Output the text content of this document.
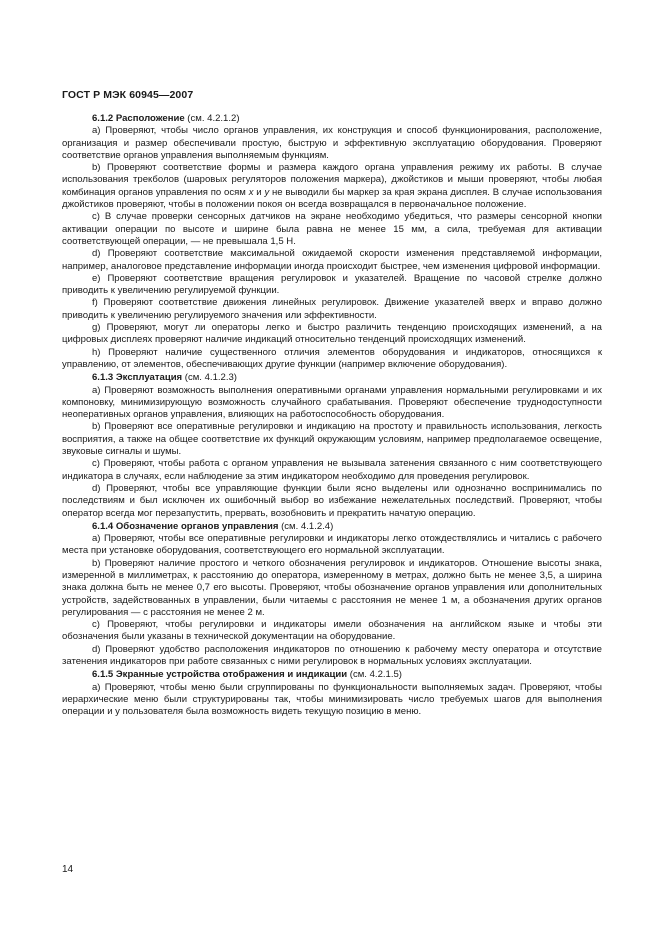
ГОСТ Р МЭК 60945—2007

6.1.2 Расположение (см. 4.2.1.2)

a) Проверяют, чтобы число органов управления, их конструкция и способ функционирования, расположение, организация и размер обеспечивали простую, быструю и эффективную эксплуатацию оборудования. Проверяют соответствие органов управления выполняемым функциям.

b) Проверяют соответствие формы и размера каждого органа управления режиму их работы. В случае использования трекболов (шаровых регуляторов положения маркера), джойстиков и мыши проверяют, чтобы любая комбинация органов управления по осям x и y не выводили бы маркер за края экрана дисплея. В случае использования джойстиков проверяют, чтобы в положении покоя он всегда возвращался в первоначальное положение.

c) В случае проверки сенсорных датчиков на экране необходимо убедиться, что размеры сенсорной кнопки активации операции по высоте и ширине была равна не менее 15 мм, а сила, требуемая для активации соответствующей операции, — не превышала 1,5 Н.

d) Проверяют соответствие максимальной ожидаемой скорости изменения представляемой информации, например, аналоговое представление информации иногда происходит быстрее, чем изменения цифровой информации.

e) Проверяют соответствие вращения регулировок и указателей. Вращение по часовой стрелке должно приводить к увеличению регулируемой функции.

f) Проверяют соответствие движения линейных регулировок. Движение указателей вверх и вправо должно приводить к увеличению регулируемого значения или эффективности.

g) Проверяют, могут ли операторы легко и быстро различить тенденцию происходящих изменений, а на цифровых дисплеях проверяют наличие индикаций относительно тенденций происходящих изменений.

h) Проверяют наличие существенного отличия элементов оборудования и индикаторов, относящихся к управлению, от элементов, обеспечивающих другие функции (например включение оборудования).

6.1.3 Эксплуатация (см. 4.1.2.3)

a) Проверяют возможность выполнения оперативными органами управления нормальными регулировками и их компоновку, минимизирующую возможность случайного срабатывания. Проверяют обеспечение труднодоступности неоперативных органов управления, влияющих на работоспособность оборудования.

b) Проверяют все оперативные регулировки и индикацию на простоту и правильность использования, легкость восприятия, а также на общее соответствие их функций окружающим условиям, например предполагаемое освещение, звуковые сигналы и шумы.

c) Проверяют, чтобы работа с органом управления не вызывала затенения связанного с ним соответствующего индикатора в случаях, если наблюдение за этим индикатором необходимо для проведения регулировок.

d) Проверяют, чтобы все управляющие функции были ясно выделены или однозначно воспринимались по последствиям и был исключен их ошибочный выбор во избежание нежелательных последствий. Проверяют, чтобы оператор всегда мог перезапустить, прервать, возобновить и прекратить начатую операцию.

6.1.4 Обозначение органов управления (см. 4.1.2.4)

a) Проверяют, чтобы все оперативные регулировки и индикаторы легко отождествлялись и читались с рабочего места при установке оборудования, соответствующего его нормальной эксплуатации.

b) Проверяют наличие простого и четкого обозначения регулировок и индикаторов. Отношение высоты знака, измеренной в миллиметрах, к расстоянию до оператора, измеренному в метрах, должно быть не менее 3,5, а ширина знака должна быть не менее 0,7 его высоты. Проверяют, чтобы обозначение органов управления или дополнительных устройств, задействованных в управлении, были читаемы с расстояния не менее 1 м, а обозначения других органов регулирования — с расстояния не менее 2 м.

c) Проверяют, чтобы регулировки и индикаторы имели обозначения на английском языке и чтобы эти обозначения были указаны в технической документации на оборудование.

d) Проверяют удобство расположения индикаторов по отношению к рабочему месту оператора и отсутствие затенения индикаторов при работе связанных с ними регулировок в нормальных условиях эксплуатации.

6.1.5 Экранные устройства отображения и индикации (см. 4.2.1.5)

a) Проверяют, чтобы меню были сгруппированы по функциональности выполняемых задач. Проверяют, чтобы иерархические меню были структурированы так, чтобы минимизировать число требуемых шагов для выполнения операции и у пользователя была возможность видеть текущую позицию в меню.

14
